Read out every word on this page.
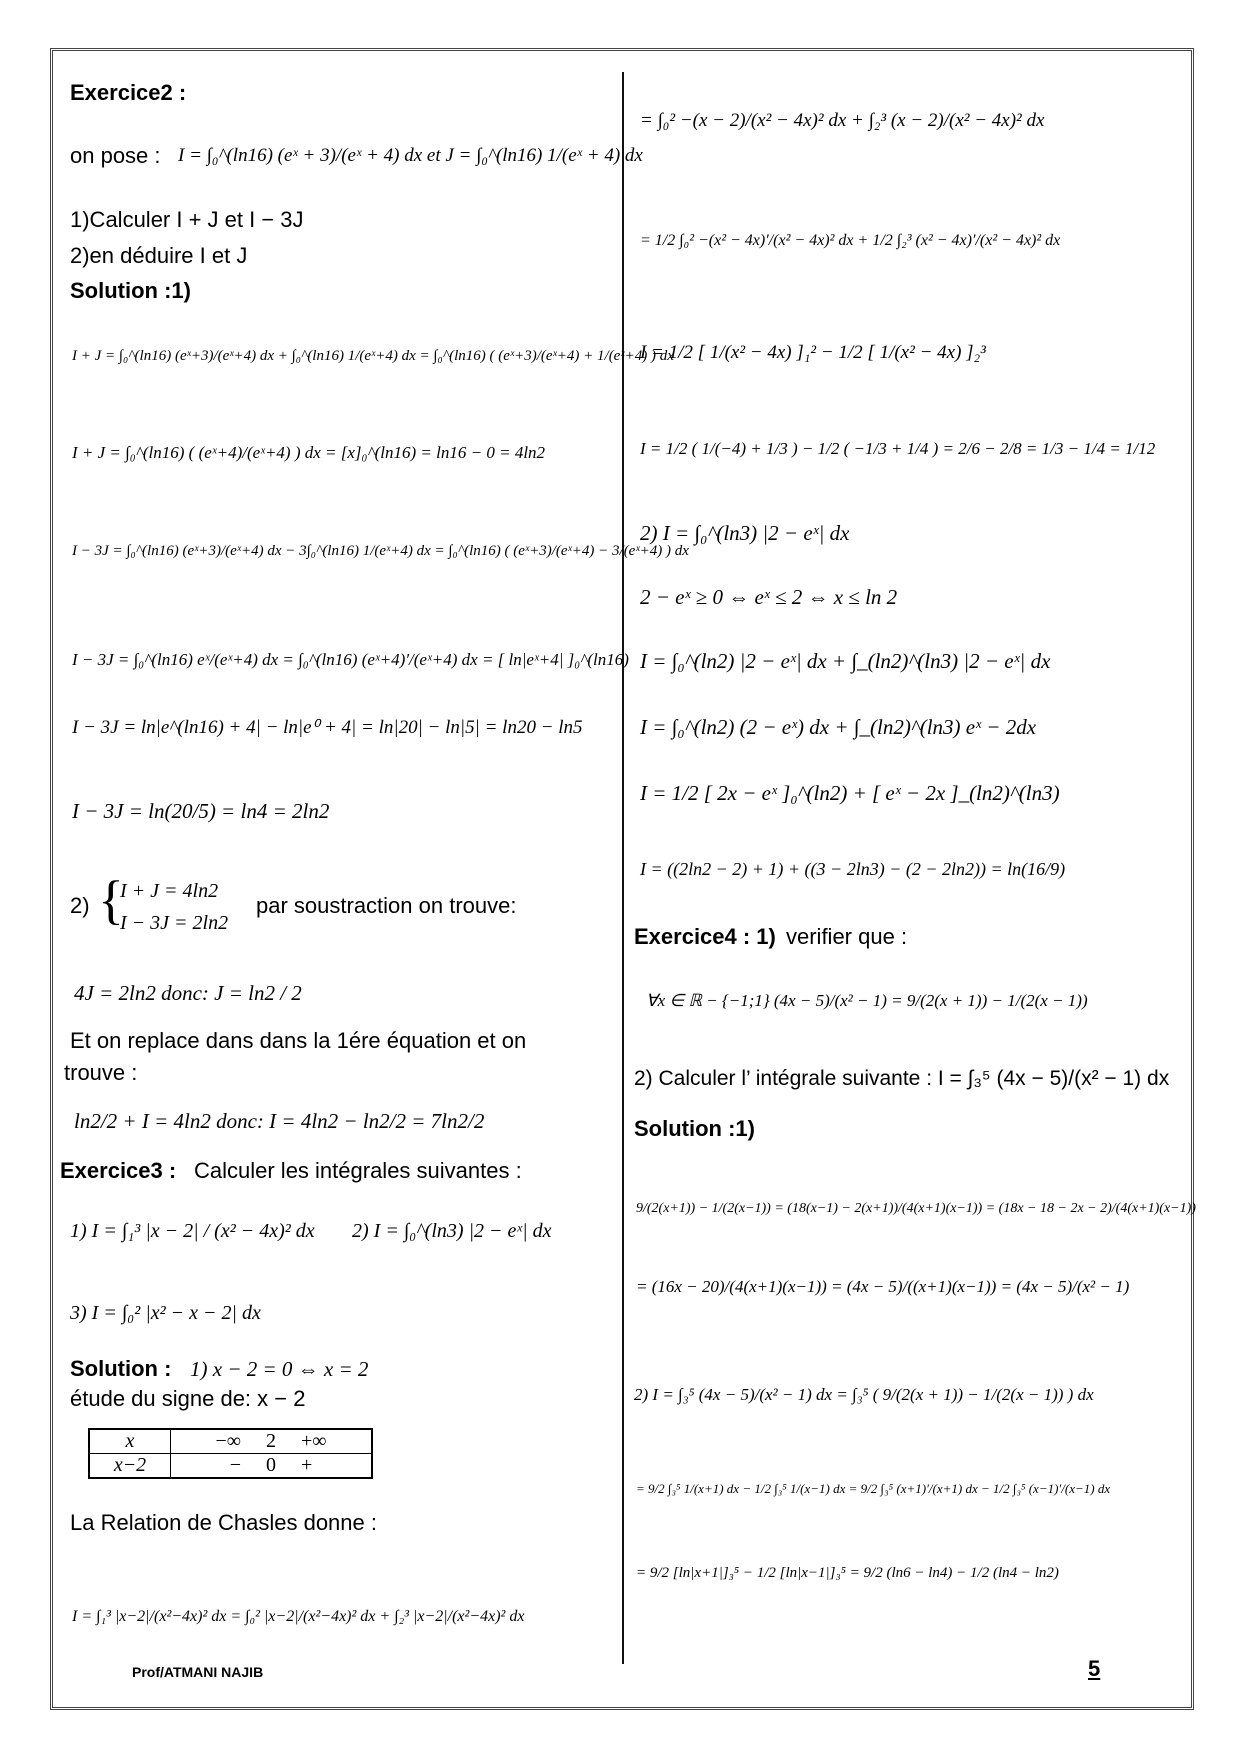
Exercice2 :
on pose : I = ∫₀^(ln16) (eˣ + 3)/(eˣ + 4) dx et J = ∫₀^(ln16) 1/(eˣ + 4) dx
1)Calculer I + J et I − 3J
2)en déduire I et J
Solution :1)
I + J = ∫₀^(ln16) (eˣ+3)/(eˣ+4) dx + ∫₀^(ln16) 1/(eˣ+4) dx = ∫₀^(ln16) ( (eˣ+3)/(eˣ+4) + 1/(eˣ+4) ) dx
I + J = ∫₀^(ln16) ( (eˣ+4)/(eˣ+4) ) dx = [x]₀^(ln16) = ln16 − 0 = 4ln2
I − 3J = ∫₀^(ln16) (eˣ+3)/(eˣ+4) dx − 3∫₀^(ln16) 1/(eˣ+4) dx = ∫₀^(ln16) ( (eˣ+3)/(eˣ+4) − 3/(eˣ+4) ) dx
I − 3J = ∫₀^(ln16) eˣ/(eˣ+4) dx = ∫₀^(ln16) (eˣ+4)′/(eˣ+4) dx = [ ln|eˣ+4| ]₀^(ln16)
I − 3J = ln|e^(ln16) + 4| − ln|e⁰ + 4| = ln|20| − ln|5| = ln20 − ln5
I − 3J = ln(20/5) = ln4 = 2ln2
2) {
I + J = 4ln2
I − 3J = 2ln2
par soustraction on trouve:
4J = 2ln2 donc: J = ln2 / 2
Et on replace dans dans la 1ére équation et on
trouve :
ln2/2 + I = 4ln2 donc: I = 4ln2 − ln2/2 = 7ln2/2
Exercice3 : Calculer les intégrales suivantes :
1) I = ∫₁³ |x − 2| / (x² − 4x)² dx 2) I = ∫₀^(ln3) |2 − eˣ| dx
3) I = ∫₀² |x² − x − 2| dx
Solution : 1) x − 2 = 0 ⇔ x = 2
étude du signe de: x − 2
x	−∞     2     +∞
x−2	−     0     +
La Relation de Chasles donne :
I = ∫₁³ |x−2|/(x²−4x)² dx = ∫₀² |x−2|/(x²−4x)² dx + ∫₂³ |x−2|/(x²−4x)² dx
= ∫₀² −(x − 2)/(x² − 4x)² dx + ∫₂³ (x − 2)/(x² − 4x)² dx
= 1/2 ∫₀² −(x² − 4x)′/(x² − 4x)² dx + 1/2 ∫₂³ (x² − 4x)′/(x² − 4x)² dx
I = 1/2 [ 1/(x² − 4x) ]₁² − 1/2 [ 1/(x² − 4x) ]₂³
I = 1/2 ( 1/(−4) + 1/3 ) − 1/2 ( −1/3 + 1/4 ) = 2/6 − 2/8 = 1/3 − 1/4 = 1/12
2) I = ∫₀^(ln3) |2 − eˣ| dx
2 − eˣ ≥ 0 ⇔ eˣ ≤ 2 ⇔ x ≤ ln 2
I = ∫₀^(ln2) |2 − eˣ| dx + ∫_(ln2)^(ln3) |2 − eˣ| dx
I = ∫₀^(ln2) (2 − eˣ) dx + ∫_(ln2)^(ln3) eˣ − 2dx
I = 1/2 [ 2x − eˣ ]₀^(ln2) + [ eˣ − 2x ]_(ln2)^(ln3)
I = ((2ln2 − 2) + 1) + ((3 − 2ln3) − (2 − 2ln2)) = ln(16/9)
Exercice4 : 1) verifier que :
∀x ∈ ℝ − {−1;1} (4x − 5)/(x² − 1) = 9/(2(x + 1)) − 1/(2(x − 1))
2) Calculer l’ intégrale suivante : I = ∫₃⁵ (4x − 5)/(x² − 1) dx
Solution :1)
9/(2(x+1)) − 1/(2(x−1)) = (18(x−1) − 2(x+1))/(4(x+1)(x−1)) = (18x − 18 − 2x − 2)/(4(x+1)(x−1))
= (16x − 20)/(4(x+1)(x−1)) = (4x − 5)/((x+1)(x−1)) = (4x − 5)/(x² − 1)
2) I = ∫₃⁵ (4x − 5)/(x² − 1) dx = ∫₃⁵ ( 9/(2(x + 1)) − 1/(2(x − 1)) ) dx
= 9/2 ∫₃⁵ 1/(x+1) dx − 1/2 ∫₃⁵ 1/(x−1) dx = 9/2 ∫₃⁵ (x+1)′/(x+1) dx − 1/2 ∫₃⁵ (x−1)′/(x−1) dx
= 9/2 [ln|x+1|]₃⁵ − 1/2 [ln|x−1|]₃⁵ = 9/2 (ln6 − ln4) − 1/2 (ln4 − ln2)
Prof/ATMANI NAJIB	5
